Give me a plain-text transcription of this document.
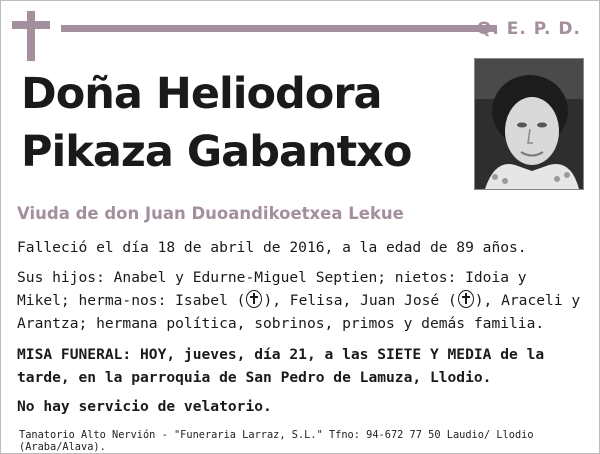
Q. E. P. D.
Doña Heliodora
Pikaza Gabantxo
Viuda de don Juan Duoandikoetxea Lekue
Falleció el día 18 de abril de 2016, a la edad de 89 años.
Sus hijos: Anabel y Edurne-Miguel Septien; nietos: Idoia y Mikel; herma-nos: Isabel ( ), Felisa, Juan José ( ), Araceli y Arantza; hermana política, sobrinos, primos y demás familia.
MISA FUNERAL: HOY, jueves, día 21, a las SIETE Y MEDIA de la tarde, en la parroquia de San Pedro de Lamuza, Llodio.
No hay servicio de velatorio.
Tanatorio Alto Nervión - "Funeraria Larraz, S.L." Tfno: 94-672 77 50 Laudio/ Llodio (Araba/Alava).
